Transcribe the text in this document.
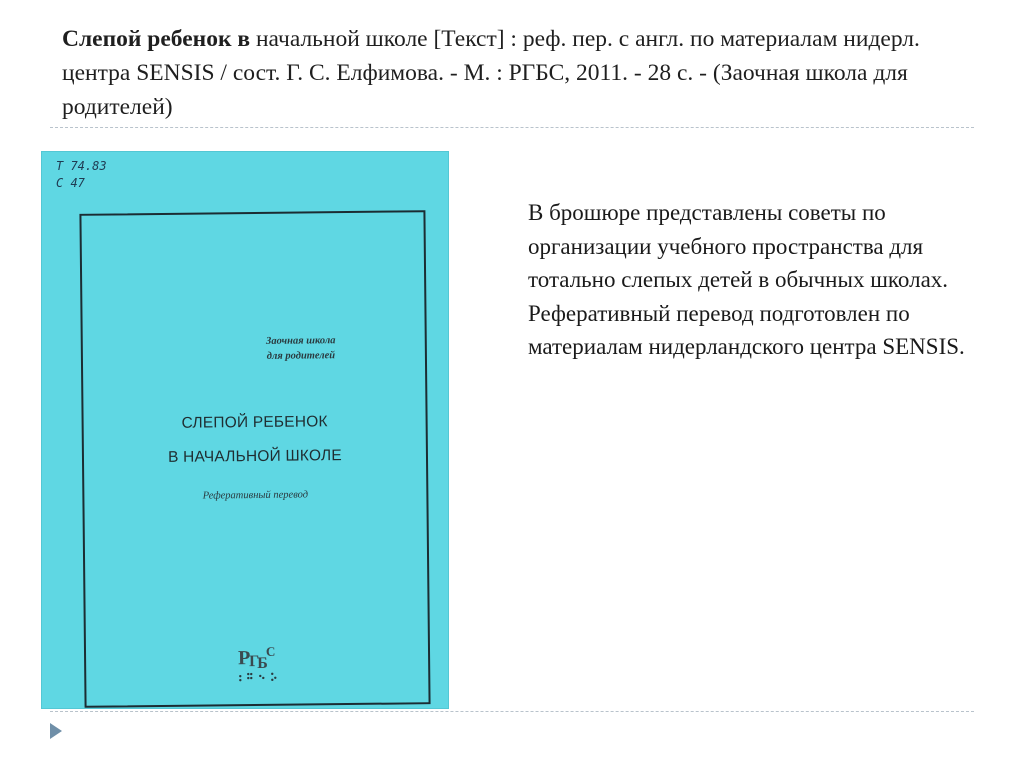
Слепой ребенок в начальной школе [Текст] : реф. пер. с англ. по материалам нидерл. центра SENSIS / сост. Г. С. Елфимова. - М. : РГБС, 2011. - 28 с. - (Заочная школа для родителей)
Т 74.83
С 47
Заочная школа
для родителей
СЛЕПОЙ РЕБЕНОК
В НАЧАЛЬНОЙ ШКОЛЕ
Реферативный перевод
Р
Г
Б
С
В брошюре представлены советы по организации учебного пространства для тотально слепых детей в обычных школах. Реферативный перевод подготовлен по материалам нидерландского центра SENSIS.
